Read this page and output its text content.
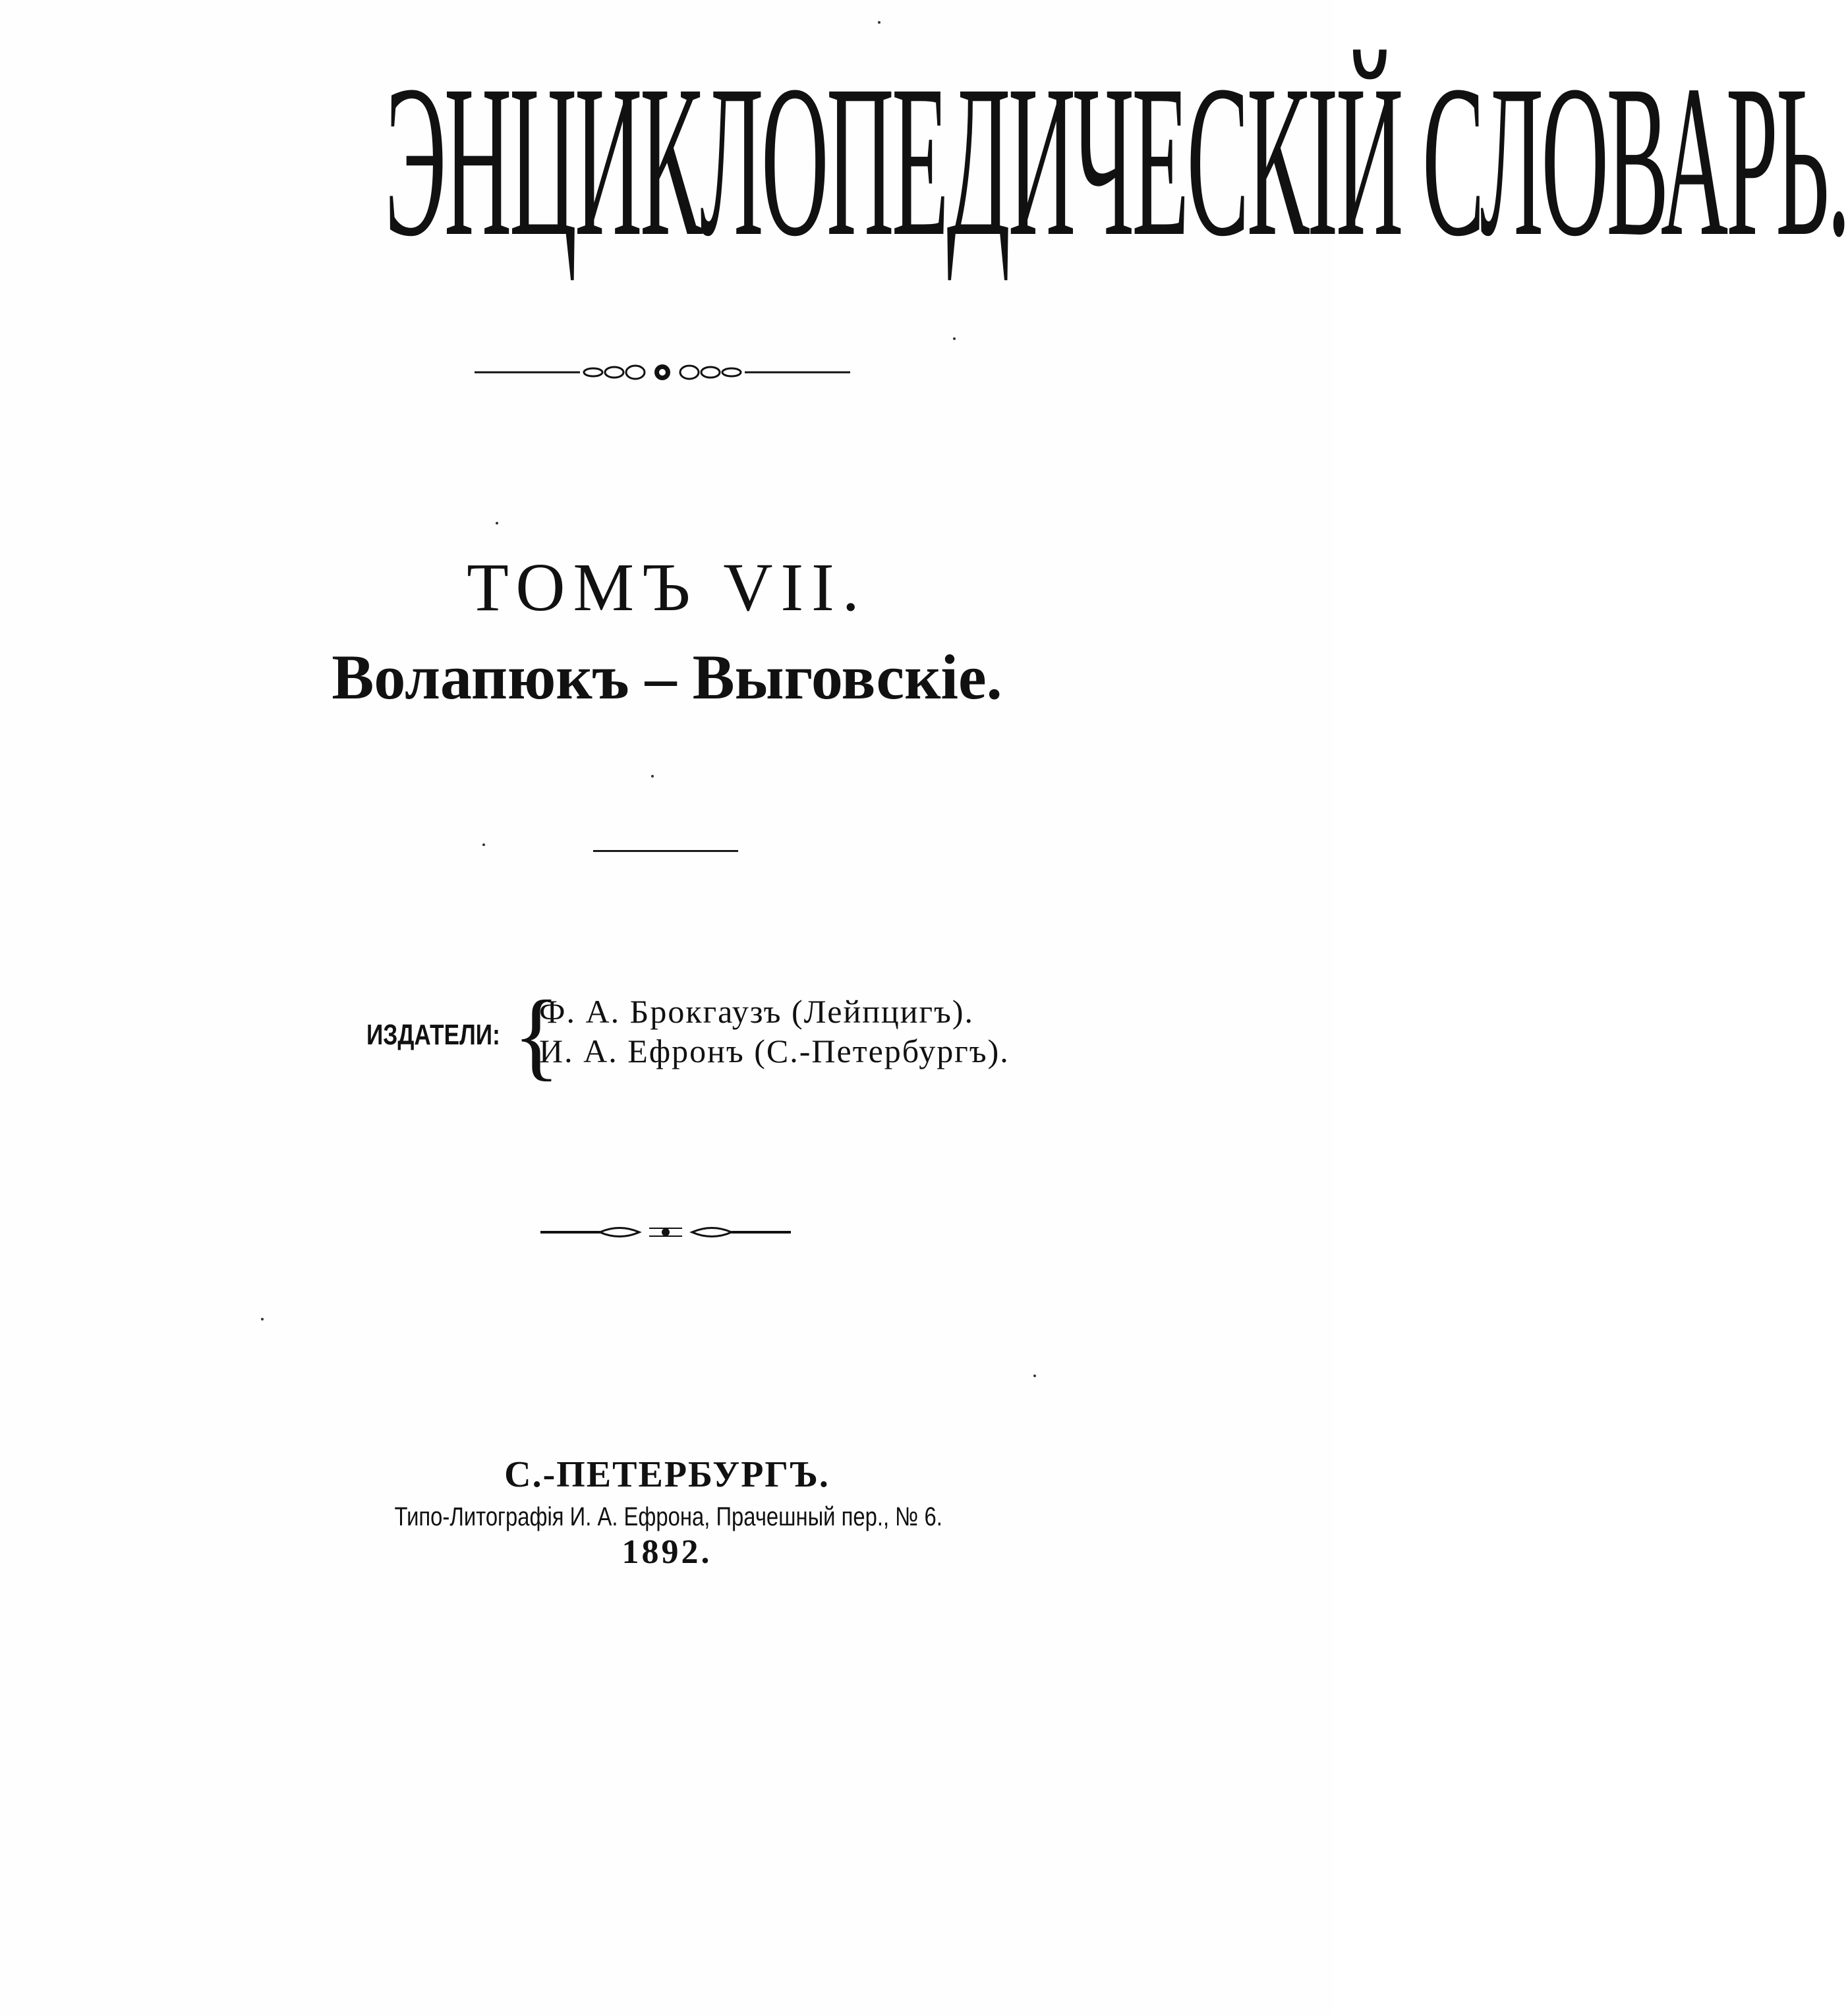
ЭНЦИКЛОПЕДИЧЕСКІЙ СЛОВАРЬ.
ТОМЪ VII.
Волапюкъ – Выговскіе.
ИЗДАТЕЛИ: {
Ф. А. Брокгаузъ (Лейпцигъ).
И. А. Ефронъ (С.-Петербургъ).
С.-ПЕТЕРБУРГЪ.
Типо-Литографія И. А. Ефрона, Прачешный пер., № 6.
1892.
